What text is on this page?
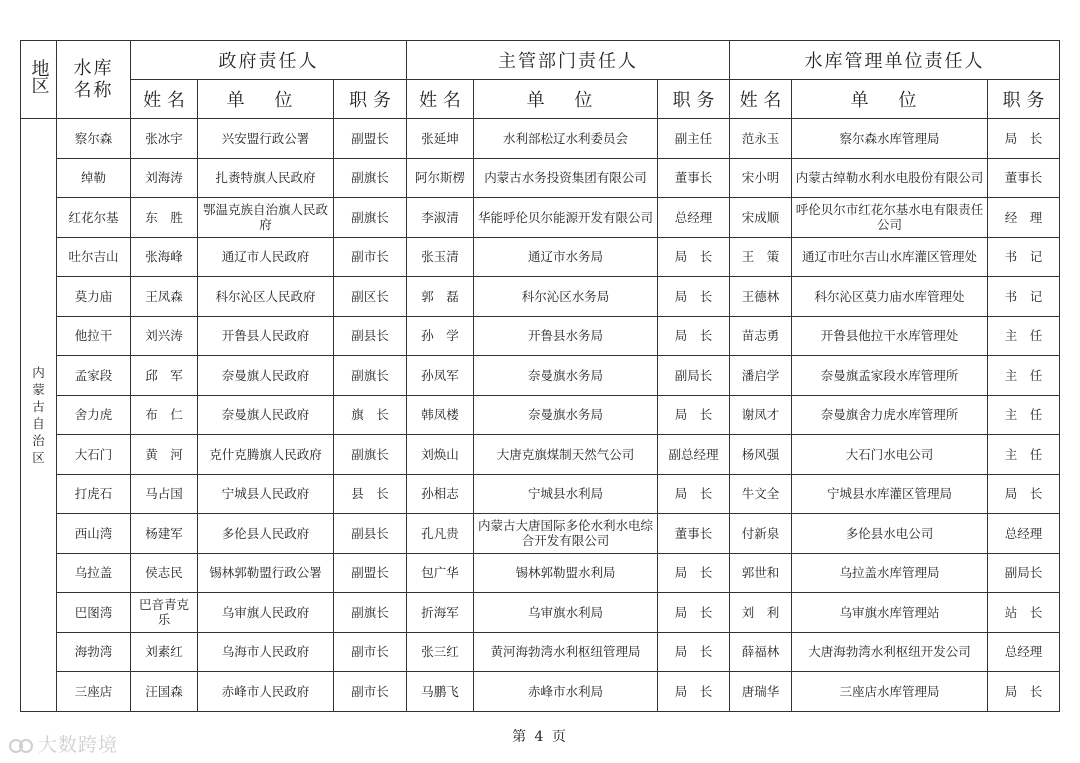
地区	水库名称	政府责任人			主管部门责任人			水库管理单位责任人		
		姓 名	单 位	职 务	姓 名	单 位	职 务	姓 名	单 位	职 务
内蒙古自治区	察尔森	张冰宇	兴安盟行政公署	副盟长	张延坤	水利部松辽水利委员会	副主任	范永玉	察尔森水库管理局	局　长
	绰勒	刘海涛	扎赉特旗人民政府	副旗长	阿尔斯楞	内蒙古水务投资集团有限公司	董事长	宋小明	内蒙古绰勒水利水电股份有限公司	董事长
	红花尔基	东　胜	鄂温克族自治旗人民政府	副旗长	李淑清	华能呼伦贝尔能源开发有限公司	总经理	宋成顺	呼伦贝尔市红花尔基水电有限责任公司	经　理
	吐尔吉山	张海峰	通辽市人民政府	副市长	张玉清	通辽市水务局	局　长	王　策	通辽市吐尔吉山水库灌区管理处	书　记
	莫力庙	王凤森	科尔沁区人民政府	副区长	郭　磊	科尔沁区水务局	局　长	王德林	科尔沁区莫力庙水库管理处	书　记
	他拉干	刘兴涛	开鲁县人民政府	副县长	孙　学	开鲁县水务局	局　长	苗志勇	开鲁县他拉干水库管理处	主　任
	孟家段	邱　军	奈曼旗人民政府	副旗长	孙凤军	奈曼旗水务局	副局长	潘启学	奈曼旗孟家段水库管理所	主　任
	舍力虎	布　仁	奈曼旗人民政府	旗　长	韩凤楼	奈曼旗水务局	局　长	谢凤才	奈曼旗舍力虎水库管理所	主　任
	大石门	黄　河	克什克腾旗人民政府	副旗长	刘焕山	大唐克旗煤制天然气公司	副总经理	杨风强	大石门水电公司	主　任
	打虎石	马占国	宁城县人民政府	县　长	孙相志	宁城县水利局	局　长	牛文全	宁城县水库灌区管理局	局　长
	西山湾	杨建军	多伦县人民政府	副县长	孔凡贵	内蒙古大唐国际多伦水利水电综合开发有限公司	董事长	付新泉	多伦县水电公司	总经理
	乌拉盖	侯志民	锡林郭勒盟行政公署	副盟长	包广华	锡林郭勒盟水利局	局　长	郭世和	乌拉盖水库管理局	副局长
	巴图湾	巴音青克乐	乌审旗人民政府	副旗长	折海军	乌审旗水利局	局　长	刘　利	乌审旗水库管理站	站　长
	海勃湾	刘素红	乌海市人民政府	副市长	张三红	黄河海勃湾水利枢纽管理局	局　长	薛福林	大唐海勃湾水利枢纽开发公司	总经理
	三座店	汪国森	赤峰市人民政府	副市长	马鹏飞	赤峰市水利局	局　长	唐瑞华	三座店水库管理局	局　长
第 4 页
大数跨境
